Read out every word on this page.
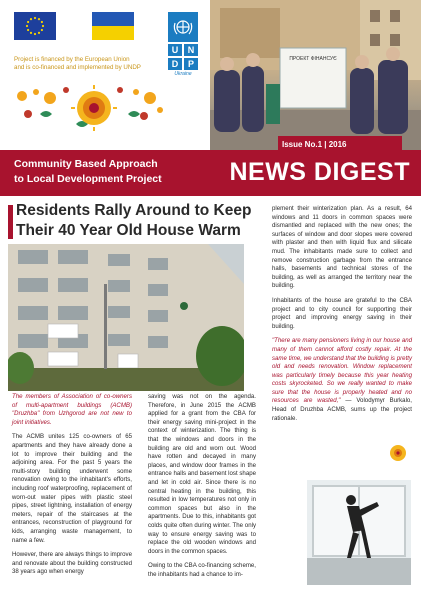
U	N
D	P
Ukraine
Project is financed by the European Union
and is co-financed and implemented by UNDP
ПРОЕКТ ФІНАНСУЄ
Issue No.1 | 2016
Community Based Approach
to Local Development Project	NEWS DIGEST
Residents Rally Around to Keep
Their 40 Year Old House Warm

The members of Association of co-owners of multi-apartment buildings (ACMB) "Druzhba" from Uzhgorod are not new to joint initiatives.

The ACMB unites 125 co-owners of 65 apartments and they have already done a lot to improve their building and the adjoining area. For the past 5 years the multi-story building underwent some renovation owing to the inhabitant's efforts, including roof waterproofing, replacement of worn-out water pipes with plastic steel pipes, street lightning, installation of energy meters, repair of the staircases at the entrances, reconstruction of playground for kids, arranging waste management, to name a few.

However, there are always things to improve and renovate about the building constructed 38 years ago when energy

saving was not on the agenda. Therefore, in June 2015 the ACMB applied for a grant from the CBA for their energy saving mini-project in the context of winterization. The thing is that the windows and doors in the building are old and worn out. Wood have rotten and decayed in many places, and window door frames in the entrance halls and basement lost shape and let in cold air. Since there is no central heating in the building, this resulted in low temperatures not only in common spaces but also in the apartments. Due to this, inhabitants got colds quite often during winter. The only way to ensure energy saving was to replace the old wooden windows and doors in the common spaces.

Owing to the CBA co-financing scheme, the inhabitants had a chance to im-

plement their winterization plan. As a result, 64 windows and 11 doors in common spaces were dismantled and replaced with the new ones; the surfaces of window and door slopes were covered with plaster and then with liquid flux and silicate mud. The inhabitants made sure to collect and remove construction garbage from the entrance halls, basements and technical stores of the building, as well as arranged the territory near the building.

Inhabitants of the house are grateful to the CBA project and to city council for supporting their project and improving energy saving in their building.

"There are many pensioners living in our house and many of them cannot afford costly repair. At the same time, we understand that the building is pretty old and needs renovation. Window replacement was particularly timely because this year heating costs skyrocketed. So we really wanted to make sure that the house is properly heated and no resources are wasted," — Volodymyr Burkalo, Head of Druzhba ACMB, sums up the project rationale.
